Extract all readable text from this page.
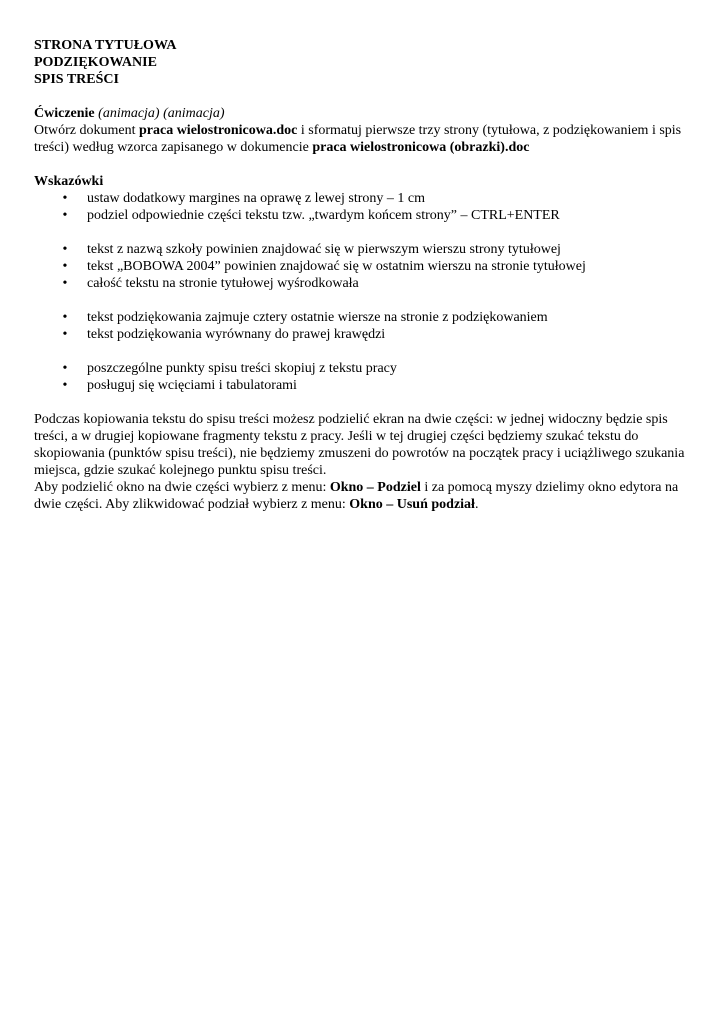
STRONA TYTUŁOWA
PODZIĘKOWANIE
SPIS TREŚCI

Ćwiczenie (animacja) (animacja)

Otwórz dokument praca wielostronicowa.doc i sformatuj pierwsze trzy strony (tytułowa, z podziękowaniem i spis treści) według wzorca zapisanego w dokumencie praca wielostronicowa (obrazki).doc

Wskazówki
•	ustaw dodatkowy margines na oprawę z lewej strony – 1 cm
•	podziel odpowiednie części tekstu tzw. „twardym końcem strony” – CTRL+ENTER
•	tekst z nazwą szkoły powinien znajdować się w pierwszym wierszu strony tytułowej
•	tekst „BOBOWA 2004” powinien znajdować się w ostatnim wierszu na stronie tytułowej
•	całość tekstu na stronie tytułowej wyśrodkowała
•	tekst podziękowania zajmuje cztery ostatnie wiersze na stronie z podziękowaniem
•	tekst podziękowania wyrównany do prawej krawędzi
•	poszczególne punkty spisu treści skopiuj z tekstu pracy
•	posługuj się wcięciami i tabulatorami

Podczas kopiowania tekstu do spisu treści możesz podzielić ekran na dwie części: w jednej widoczny będzie spis treści, a w drugiej kopiowane fragmenty tekstu z pracy. Jeśli w tej drugiej części będziemy szukać tekstu do skopiowania (punktów spisu treści), nie będziemy zmuszeni do powrotów na początek pracy i uciążliwego szukania miejsca, gdzie szukać kolejnego punktu spisu treści.

Aby podzielić okno na dwie części wybierz z menu: Okno – Podziel i za pomocą myszy dzielimy okno edytora na dwie części. Aby zlikwidować podział wybierz z menu: Okno – Usuń podział.
